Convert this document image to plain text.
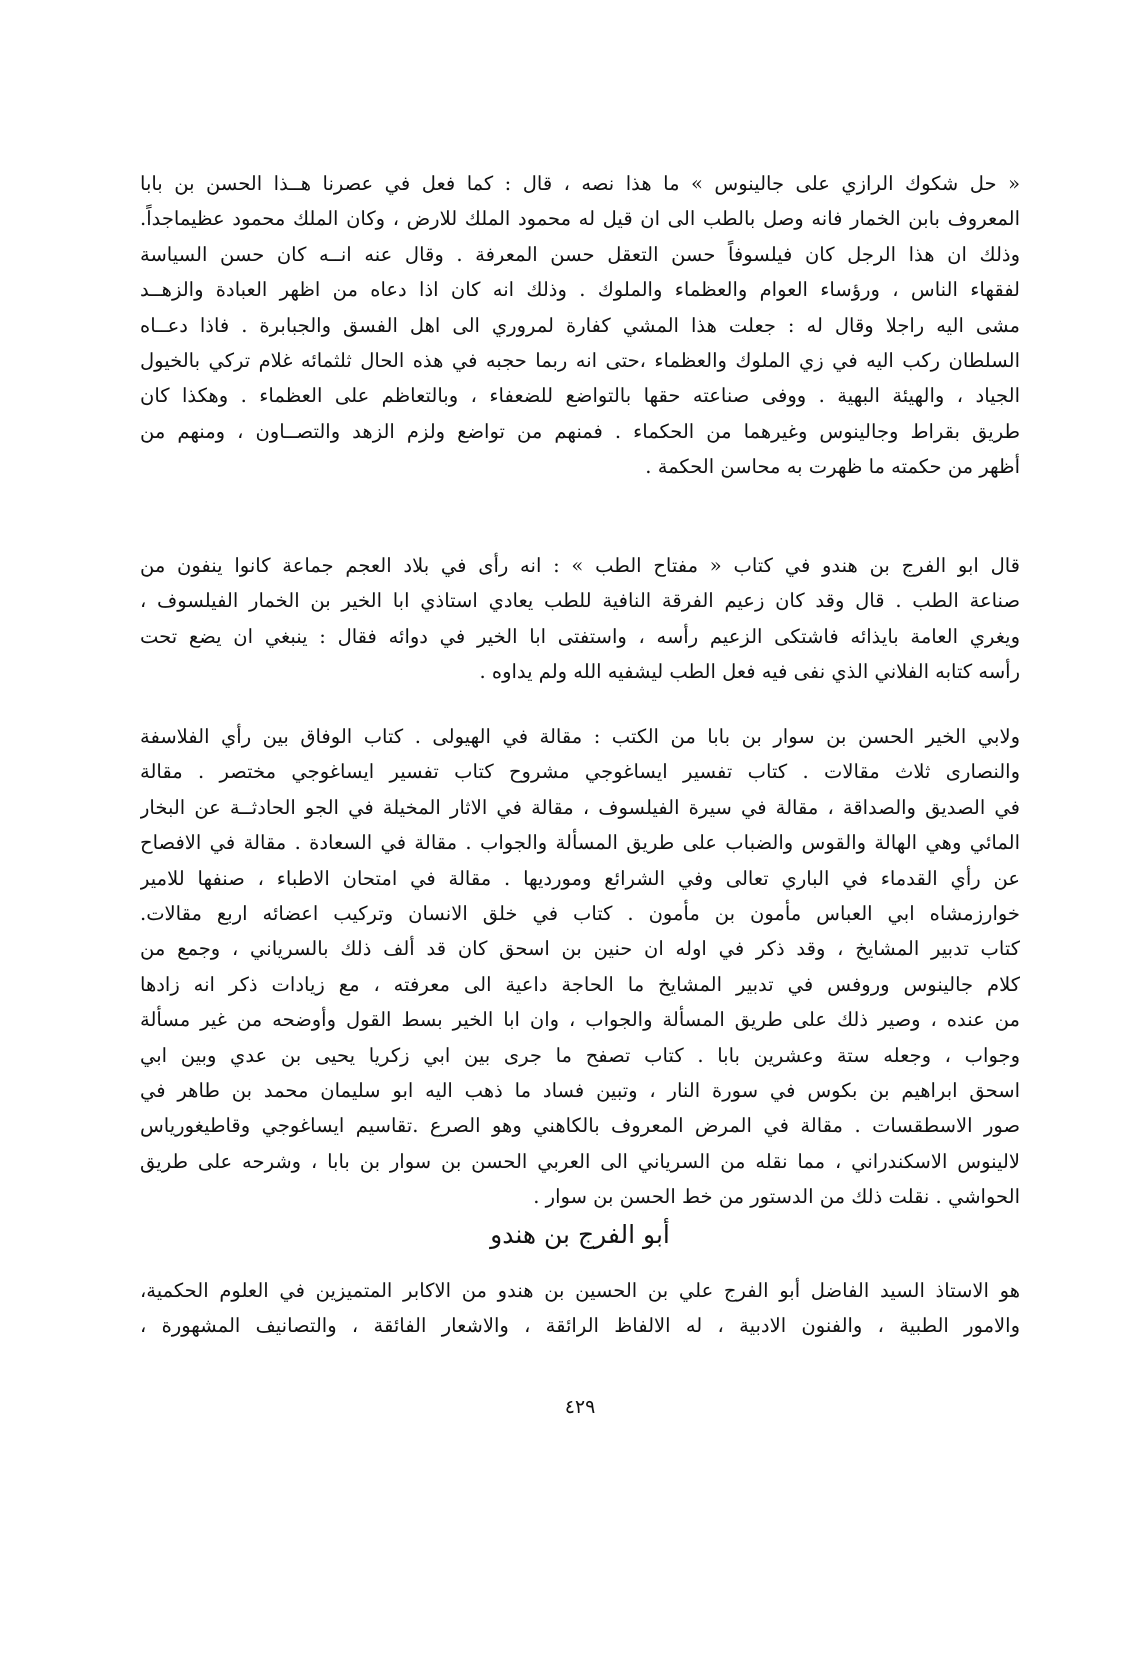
« حل شكوك الرازي على جالينوس » ما هذا نصه ، قال : كما فعل في عصرنا هــذا الحسن بن بابا
المعروف بابن الخمار فانه وصل بالطب الى ان قيل له محمود الملك للارض ، وكان الملك محمود عظيماجداً.
وذلك ان هذا الرجل كان فيلسوفاً حسن التعقل حسن المعرفة . وقال عنه انــه كان حسن السياسة
لفقهاء الناس ، ورؤساء العوام والعظماء والملوك . وذلك انه كان اذا دعاه من اظهر العبادة والزهــد
مشى اليه راجلا وقال له : جعلت هذا المشي كفارة لمروري الى اهل الفسق والجبابرة . فاذا دعــاه
السلطان ركب اليه في زي الملوك والعظماء ،حتى انه ربما حجبه في هذه الحال ثلثمائه غلام تركي بالخيول
الجياد ، والهيئة البهية . ووفى صناعته حقها بالتواضع للضعفاء ، وبالتعاظم على العظماء . وهكذا كان
طريق بقراط وجالينوس وغيرهما من الحكماء . فمنهم من تواضع ولزم الزهد والتصــاون ، ومنهم من
أظهر من حكمته ما ظهرت به محاسن الحكمة .
قال ابو الفرج بن هندو في كتاب « مفتاح الطب » : انه رأى في بلاد العجم جماعة كانوا ينفون من
صناعة الطب . قال وقد كان زعيم الفرقة النافية للطب يعادي استاذي ابا الخير بن الخمار الفيلسوف ،
ويغري العامة بايذائه فاشتكى الزعيم رأسه ، واستفتى ابا الخير في دوائه فقال : ينبغي ان يضع تحت
رأسه كتابه الفلاني الذي نفى فيه فعل الطب ليشفيه الله ولم يداوه .
ولابي الخير الحسن بن سوار بن بابا من الكتب : مقالة في الهيولى . كتاب الوفاق بين رأي الفلاسفة
والنصارى ثلاث مقالات . كتاب تفسير ايساغوجي مشروح كتاب تفسير ايساغوجي مختصر . مقالة
في الصديق والصداقة ، مقالة في سيرة الفيلسوف ، مقالة في الاثار المخيلة في الجو الحادثــة عن البخار
المائي وهي الهالة والقوس والضباب على طريق المسألة والجواب . مقالة في السعادة . مقالة في الافصاح
عن رأي القدماء في الباري تعالى وفي الشرائع ومورديها . مقالة في امتحان الاطباء ، صنفها للامير
خوارزمشاه ابي العباس مأمون بن مأمون . كتاب في خلق الانسان وتركيب اعضائه اربع مقالات.
كتاب تدبير المشايخ ، وقد ذكر في اوله ان حنين بن اسحق كان قد ألف ذلك بالسرياني ، وجمع من
كلام جالينوس وروفس في تدبير المشايخ ما الحاجة داعية الى معرفته ، مع زيادات ذكر انه زادها
من عنده ، وصير ذلك على طريق المسألة والجواب ، وان ابا الخير بسط القول وأوضحه من غير مسألة
وجواب ، وجعله ستة وعشرين بابا . كتاب تصفح ما جرى بين ابي زكريا يحيى بن عدي وبين ابي
اسحق ابراهيم بن بكوس في سورة النار ، وتبين فساد ما ذهب اليه ابو سليمان محمد بن طاهر في
صور الاسطقسات . مقالة في المرض المعروف بالكاهني وهو الصرع .تقاسيم ايساغوجي وقاطيغورياس
لالينوس الاسكندراني ، مما نقله من السرياني الى العربي الحسن بن سوار بن بابا ، وشرحه على طريق
الحواشي . نقلت ذلك من الدستور من خط الحسن بن سوار .
أبو الفرج بن هندو
هو الاستاذ السيد الفاضل أبو الفرج علي بن الحسين بن هندو من الاكابر المتميزين في العلوم الحكمية،
والامور الطبية ، والفنون الادبية ، له الالفاظ الرائقة ، والاشعار الفائقة ، والتصانيف المشهورة ،
٤٢٩
